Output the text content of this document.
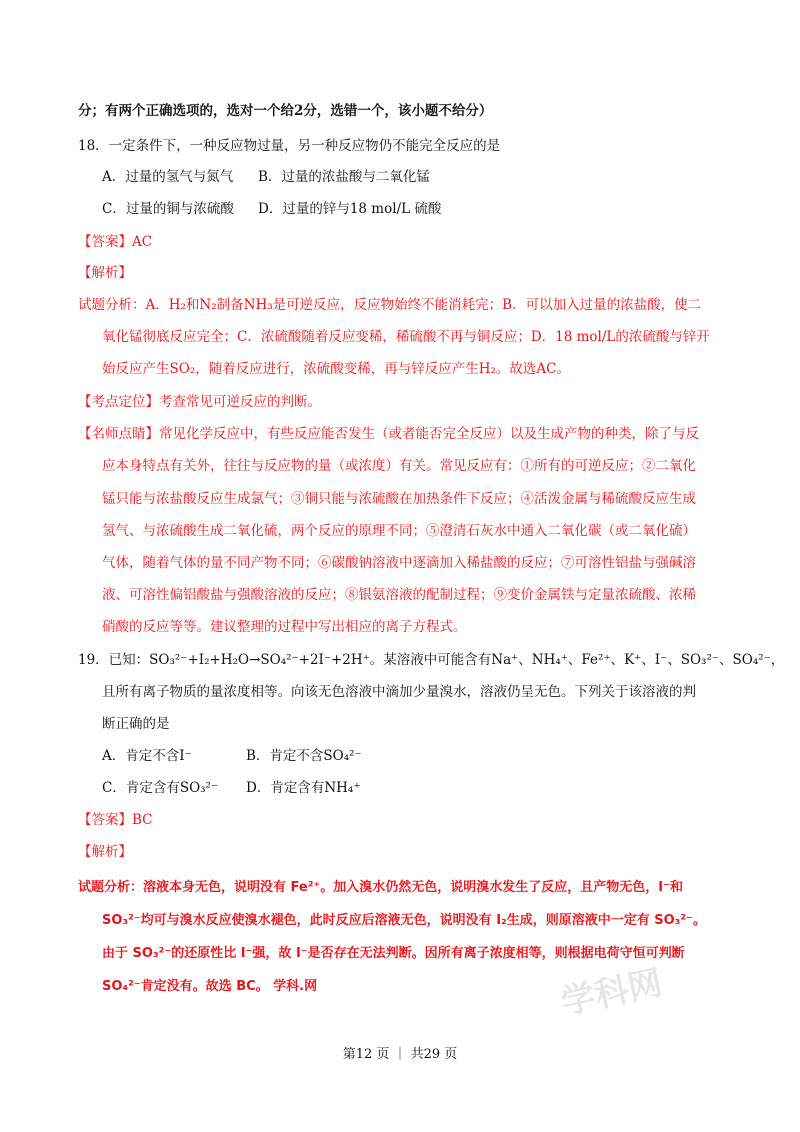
分；有两个正确选项的，选对一个给2分，选错一个，该小题不给分）
18．一定条件下，一种反应物过量，另一种反应物仍不能完全反应的是
A．过量的氢气与氮气 B．过量的浓盐酸与二氧化锰
C．过量的铜与浓硫酸 D．过量的锌与18 mol/L 硫酸
【答案】AC
【解析】
试题分析：A．H₂和N₂制备NH₃是可逆反应，反应物始终不能消耗完；B．可以加入过量的浓盐酸，使二
氧化锰彻底反应完全；C．浓硫酸随着反应变稀，稀硫酸不再与铜反应；D．18 mol/L的浓硫酸与锌开
始反应产生SO₂，随着反应进行，浓硫酸变稀，再与锌反应产生H₂。故选AC。
【考点定位】考查常见可逆反应的判断。
【名师点睛】常见化学反应中，有些反应能否发生（或者能否完全反应）以及生成产物的种类，除了与反
应本身特点有关外，往往与反应物的量（或浓度）有关。常见反应有：①所有的可逆反应；②二氧化
锰只能与浓盐酸反应生成氯气；③铜只能与浓硫酸在加热条件下反应；④活泼金属与稀硫酸反应生成
氢气、与浓硫酸生成二氧化硫，两个反应的原理不同；⑤澄清石灰水中通入二氧化碳（或二氧化硫）
气体，随着气体的量不同产物不同；⑥碳酸钠溶液中逐滴加入稀盐酸的反应；⑦可溶性铝盐与强碱溶
液、可溶性偏铝酸盐与强酸溶液的反应；⑧银氨溶液的配制过程；⑨变价金属铁与定量浓硫酸、浓稀
硝酸的反应等等。建议整理的过程中写出相应的离子方程式。
19．已知：SO₃²⁻+I₂+H₂O→SO₄²⁻+2I⁻+2H⁺。某溶液中可能含有Na⁺、NH₄⁺、Fe²⁺、K⁺、I⁻、SO₃²⁻、SO₄²⁻，
且所有离子物质的量浓度相等。向该无色溶液中滴加少量溴水，溶液仍呈无色。下列关于该溶液的判
断正确的是
A．肯定不含I⁻	B．肯定不含SO₄²⁻
C．肯定含有SO₃²⁻ D．肯定含有NH₄⁺
【答案】BC
【解析】
学科网
试题分析：溶液本身无色，说明没有 Fe²⁺。加入溴水仍然无色，说明溴水发生了反应，且产物无色，I⁻和
SO₃²⁻均可与溴水反应使溴水褪色，此时反应后溶液无色，说明没有 I₂生成，则原溶液中一定有 SO₃²⁻。
由于 SO₃²⁻的还原性比 I⁻强，故 I⁻是否存在无法判断。因所有离子浓度相等，则根据电荷守恒可判断
SO₄²⁻肯定没有。故选 BC。 学科.网
第12 页 ｜ 共29 页
